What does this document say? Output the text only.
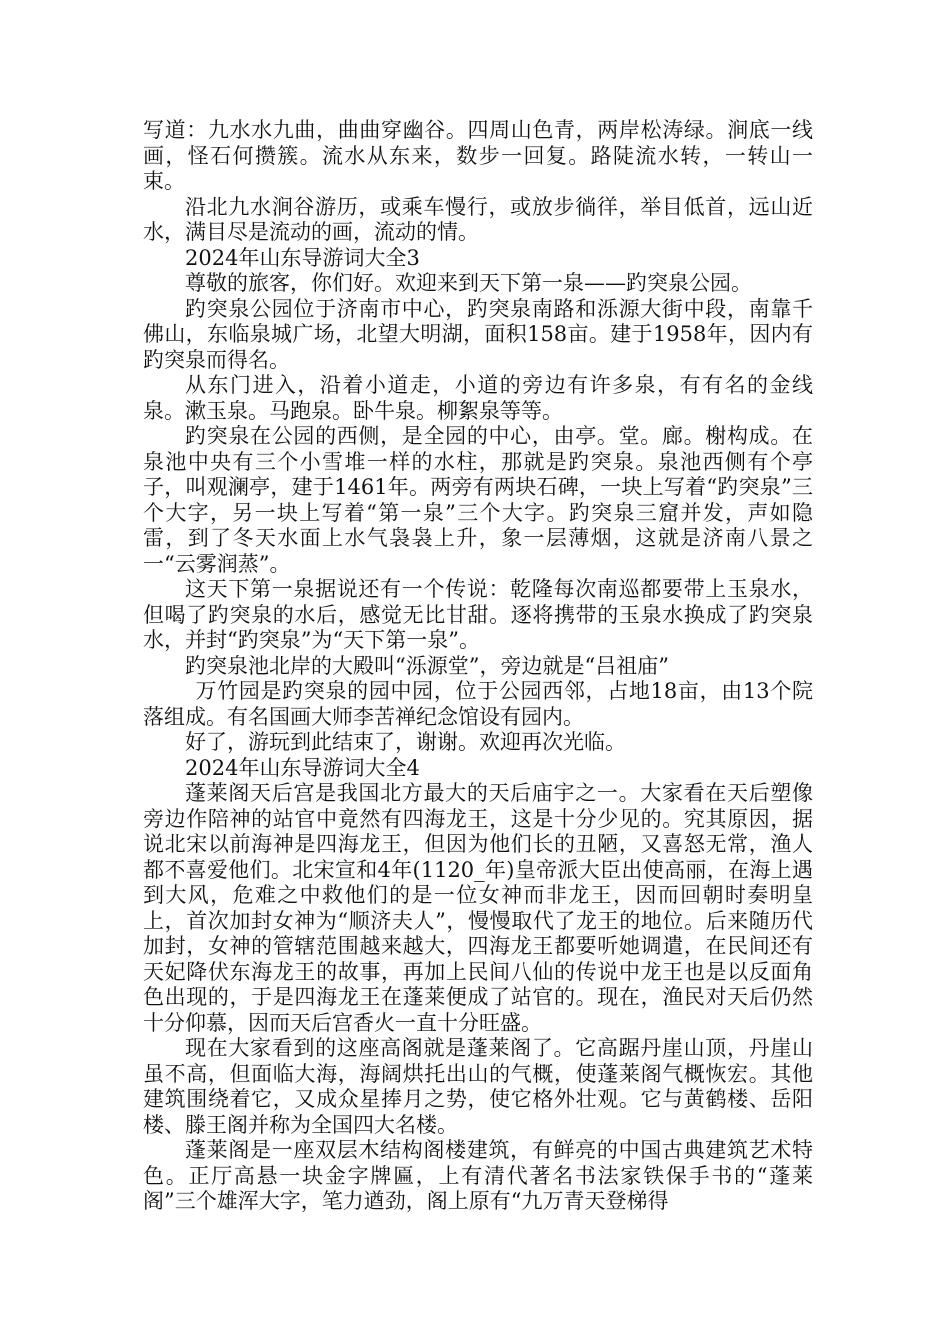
写道：九水水九曲，曲曲穿幽谷。四周山色青，两岸松涛绿。涧底一线画，怪石何攒簇。流水从东来，数步一回复。路陡流水转，一转山一束。

沿北九水涧谷游历，或乘车慢行，或放步徜徉，举目低首，远山近水，满目尽是流动的画，流动的情。

2024年山东导游词大全3

尊敬的旅客，你们好。欢迎来到天下第一泉——趵突泉公园。

趵突泉公园位于济南市中心，趵突泉南路和泺源大街中段，南靠千佛山，东临泉城广场，北望大明湖，面积158亩。建于1958年，因内有趵突泉而得名。

从东门进入，沿着小道走，小道的旁边有许多泉，有有名的金线泉。漱玉泉。马跑泉。卧牛泉。柳絮泉等等。

趵突泉在公园的西侧，是全园的中心，由亭。堂。廊。榭构成。在泉池中央有三个小雪堆一样的水柱，那就是趵突泉。泉池西侧有个亭子，叫观澜亭，建于1461年。两旁有两块石碑，一块上写着“趵突泉”三个大字，另一块上写着“第一泉”三个大字。趵突泉三窟并发，声如隐雷，到了冬天水面上水气袅袅上升，象一层薄烟，这就是济南八景之一“云雾润蒸”。

这天下第一泉据说还有一个传说：乾隆每次南巡都要带上玉泉水，但喝了趵突泉的水后，感觉无比甘甜。逐将携带的玉泉水换成了趵突泉水，并封“趵突泉”为“天下第一泉”。

趵突泉池北岸的大殿叫“泺源堂”，旁边就是“吕祖庙”

万竹园是趵突泉的园中园，位于公园西邻，占地18亩，由13个院落组成。有名国画大师李苦禅纪念馆设有园内。

好了，游玩到此结束了，谢谢。欢迎再次光临。

2024年山东导游词大全4

蓬莱阁天后宫是我国北方最大的天后庙宇之一。大家看在天后塑像旁边作陪神的站官中竟然有四海龙王，这是十分少见的。究其原因，据说北宋以前海神是四海龙王，但因为他们长的丑陋，又喜怒无常，渔人都不喜爱他们。北宋宣和4年(1120_年)皇帝派大臣出使高丽，在海上遇到大风，危难之中救他们的是一位女神而非龙王，因而回朝时奏明皇上，首次加封女神为“顺济夫人”，慢慢取代了龙王的地位。后来随历代加封，女神的管辖范围越来越大，四海龙王都要听她调遣，在民间还有天妃降伏东海龙王的故事，再加上民间八仙的传说中龙王也是以反面角色出现的，于是四海龙王在蓬莱便成了站官的。现在，渔民对天后仍然十分仰慕，因而天后宫香火一直十分旺盛。

现在大家看到的这座高阁就是蓬莱阁了。它高踞丹崖山顶，丹崖山虽不高，但面临大海，海阔烘托出山的气概，使蓬莱阁气概恢宏。其他建筑围绕着它，又成众星捧月之势，使它格外壮观。它与黄鹤楼、岳阳楼、滕王阁并称为全国四大名楼。

蓬莱阁是一座双层木结构阁楼建筑，有鲜亮的中国古典建筑艺术特色。正厅高悬一块金字牌匾，上有清代著名书法家铁保手书的“蓬莱阁”三个雄浑大字，笔力遒劲，阁上原有“九万青天登梯得
